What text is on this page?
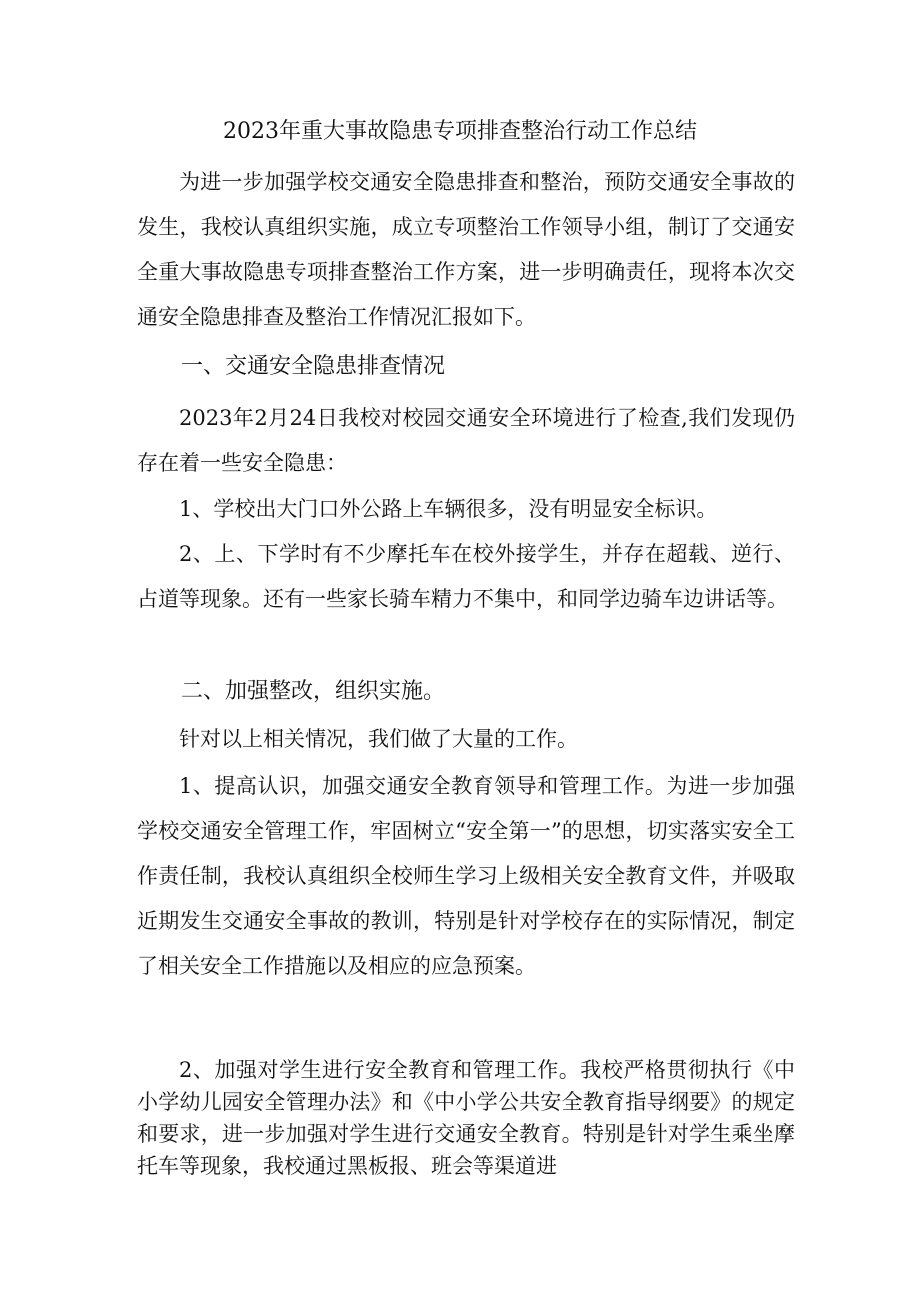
2023年重大事故隐患专项排查整治行动工作总结

为进一步加强学校交通安全隐患排查和整治，预防交通安全事故的发生，我校认真组织实施，成立专项整治工作领导小组，制订了交通安全重大事故隐患专项排查整治工作方案，进一步明确责任，现将本次交通安全隐患排查及整治工作情况汇报如下。

一、交通安全隐患排查情况

2023年2月24日我校对校园交通安全环境进行了检查,我们发现仍存在着一些安全隐患：

1、学校出大门口外公路上车辆很多，没有明显安全标识。

2、上、下学时有不少摩托车在校外接学生，并存在超载、逆行、占道等现象。还有一些家长骑车精力不集中，和同学边骑车边讲话等。

二、加强整改，组织实施。

针对以上相关情况，我们做了大量的工作。

1、提高认识，加强交通安全教育领导和管理工作。为进一步加强学校交通安全管理工作，牢固树立“安全第一”的思想，切实落实安全工作责任制，我校认真组织全校师生学习上级相关安全教育文件，并吸取近期发生交通安全事故的教训，特别是针对学校存在的实际情况，制定了相关安全工作措施以及相应的应急预案。

2、加强对学生进行安全教育和管理工作。我校严格贯彻执行《中小学幼儿园安全管理办法》和《中小学公共安全教育指导纲要》的规定和要求，进一步加强对学生进行交通安全教育。特别是针对学生乘坐摩托车等现象，我校通过黑板报、班会等渠道进
